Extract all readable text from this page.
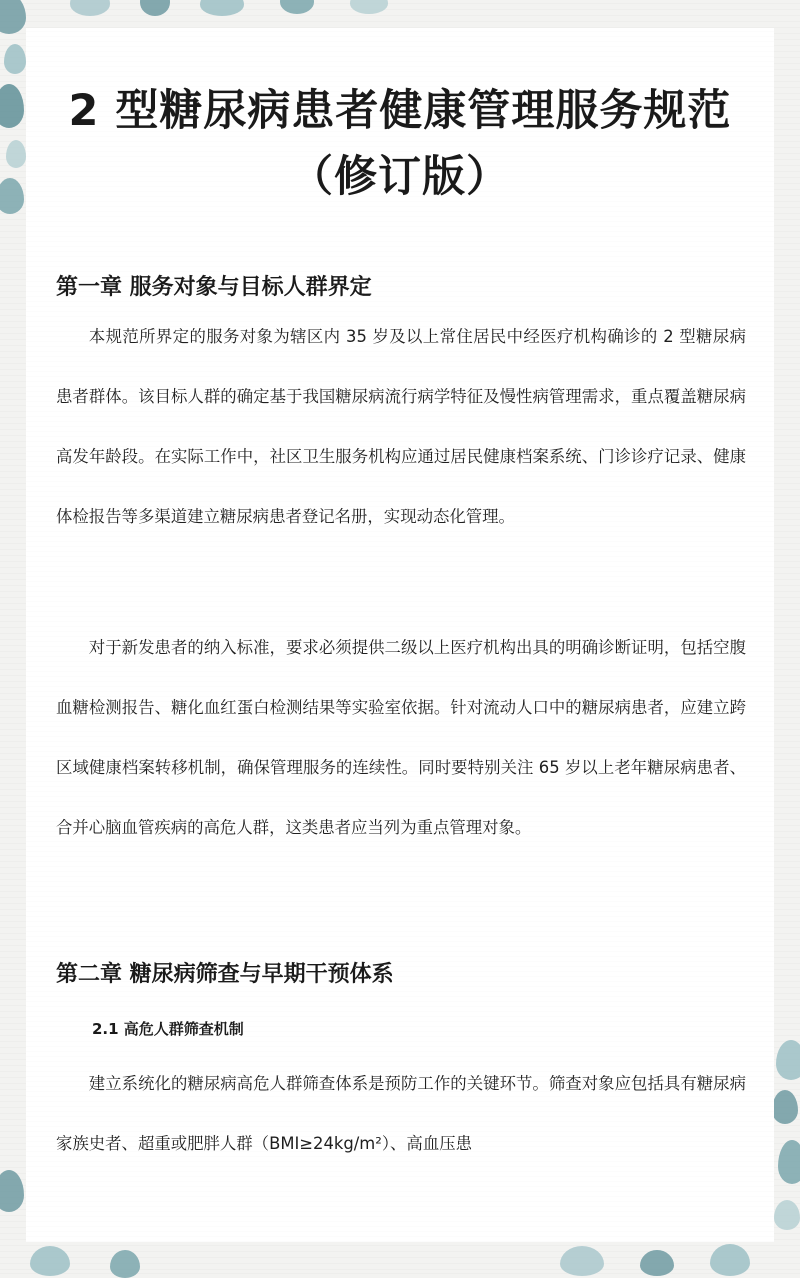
2 型糖尿病患者健康管理服务规范（修订版）
第一章 服务对象与目标人群界定

本规范所界定的服务对象为辖区内 35 岁及以上常住居民中经医疗机构确诊的 2 型糖尿病患者群体。该目标人群的确定基于我国糖尿病流行病学特征及慢性病管理需求，重点覆盖糖尿病高发年龄段。在实际工作中，社区卫生服务机构应通过居民健康档案系统、门诊诊疗记录、健康体检报告等多渠道建立糖尿病患者登记名册，实现动态化管理。

对于新发患者的纳入标准，要求必须提供二级以上医疗机构出具的明确诊断证明，包括空腹血糖检测报告、糖化血红蛋白检测结果等实验室依据。针对流动人口中的糖尿病患者，应建立跨区域健康档案转移机制，确保管理服务的连续性。同时要特别关注 65 岁以上老年糖尿病患者、合并心脑血管疾病的高危人群，这类患者应当列为重点管理对象。

第二章 糖尿病筛查与早期干预体系
2.1 高危人群筛查机制

建立系统化的糖尿病高危人群筛查体系是预防工作的关键环节。筛查对象应包括具有糖尿病家族史者、超重或肥胖人群（BMI≥24kg/m²）、高血压患
